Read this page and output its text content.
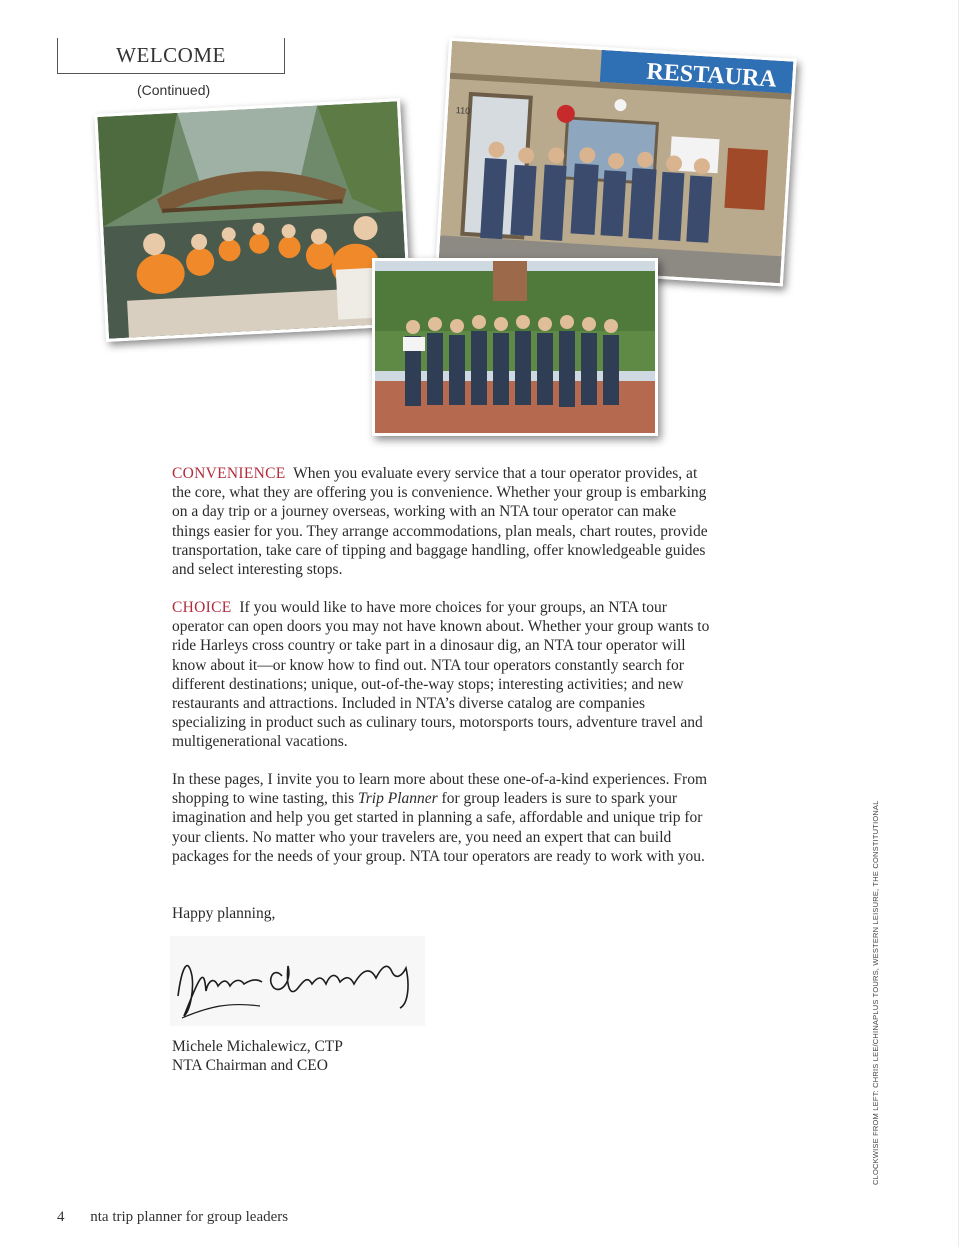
WELCOME
(Continued)	RESTAURA
110

CONVENIENCE When you evaluate every service that a tour operator provides, at the core, what they are offering you is convenience. Whether your group is embarking on a day trip or a journey overseas, working with an NTA tour operator can make things easier for you. They arrange accommodations, plan meals, chart routes, provide transportation, take care of tipping and baggage handling, offer knowledgeable guides and select interesting stops.

CHOICE If you would like to have more choices for your groups, an NTA tour operator can open doors you may not have known about. Whether your group wants to ride Harleys cross country or take part in a dinosaur dig, an NTA tour operator will know about it—or know how to find out. NTA tour operators constantly search for different destinations; unique, out-of-the-way stops; interesting activities; and new restaurants and attractions. Included in NTA’s diverse catalog are companies specializing in product such as culinary tours, motorsports tours, adventure travel and multigenerational vacations.

In these pages, I invite you to learn more about these one-of-a-kind experiences. From shopping to wine tasting, this Trip Planner for group leaders is sure to spark your imagination and help you get started in planning a safe, affordable and unique trip for your clients. No matter who your travelers are, you need an expert that can build packages for the needs of your group. NTA tour operators are ready to work with you.

Happy planning,

Michele Michalewicz, CTP
NTA Chairman and CEO	CLOCKWISE FROM LEFT: CHRIS LEE/CHINAPLUS TOURS, WESTERN LEISURE, THE CONSTITUTIONAL
4 nta trip planner for group leaders
